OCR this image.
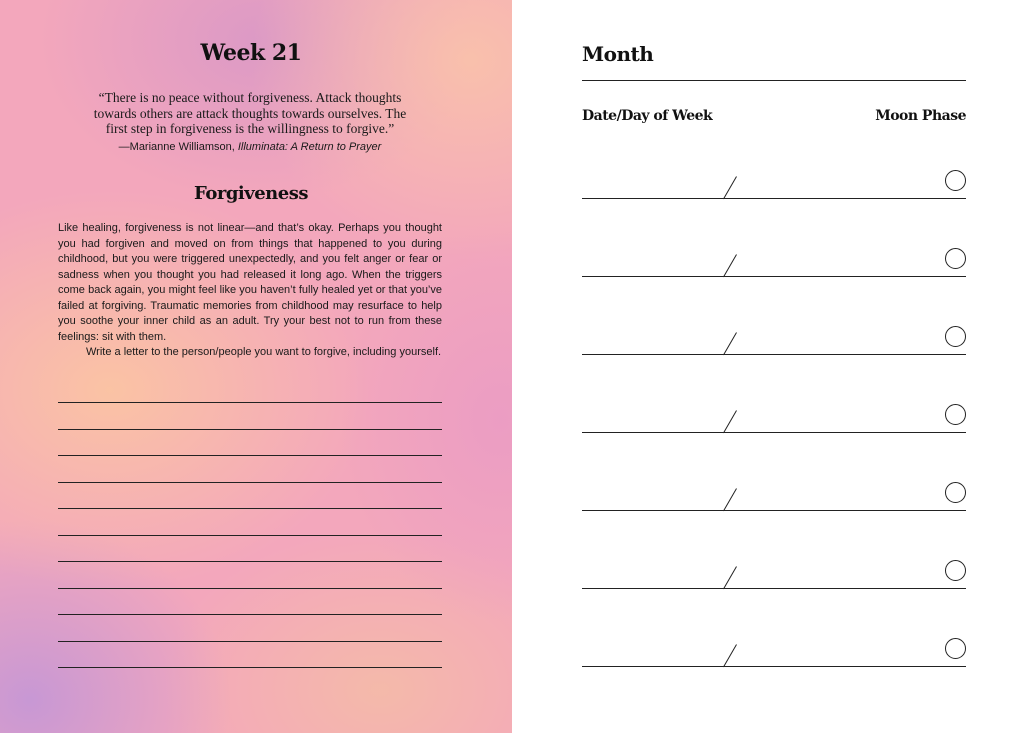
Week 21
“There is no peace without forgiveness. Attack thoughts towards others are attack thoughts towards ourselves. The first step in forgiveness is the willingness to forgive.”
—Marianne Williamson, Illuminata: A Return to Prayer
Forgiveness

Like healing, forgiveness is not linear—and that’s okay. Perhaps you thought you had forgiven and moved on from things that happened to you during childhood, but you were triggered unexpectedly, and you felt anger or fear or sadness when you thought you had released it long ago. When the triggers come back again, you might feel like you haven’t fully healed yet or that you’ve failed at forgiving. Traumatic memories from childhood may resurface to help you soothe your inner child as an adult. Try your best not to run from these feelings: sit with them.

Write a letter to the person/people you want to forgive, including yourself.

Month
Date/Day of Week	Moon Phase
